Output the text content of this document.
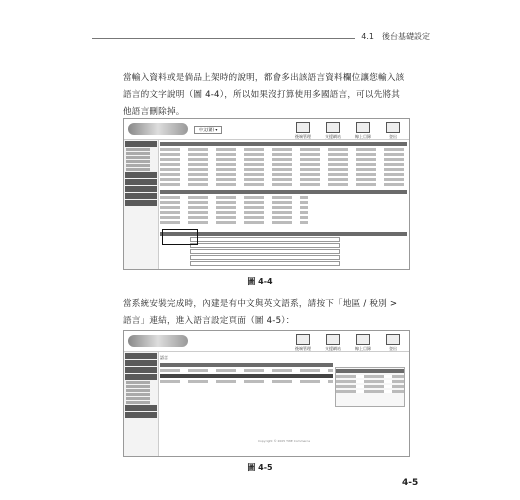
4.1　後台基礎設定
當輸入資料或是倘品上架時的說明，都會多出該語言資料欄位讓您輸入該語言的文字說明（圖 4-4），所以如果沒打算使用多國語言，可以先將其他語言刪除掉。
中文(繁) ▾
後端管理	支援網站	線上目錄	登出
圖 4-4
當系統安裝完成時，內建是有中文與英文語系，請按下「地區 / 稅別 > 語言」連結，進入語言設定頁面（圖 4-5）：
後端管理	支援網站	線上目錄	登出
語言
Copyright © 2005 TWE Commerce
圖 4-5
4-5
